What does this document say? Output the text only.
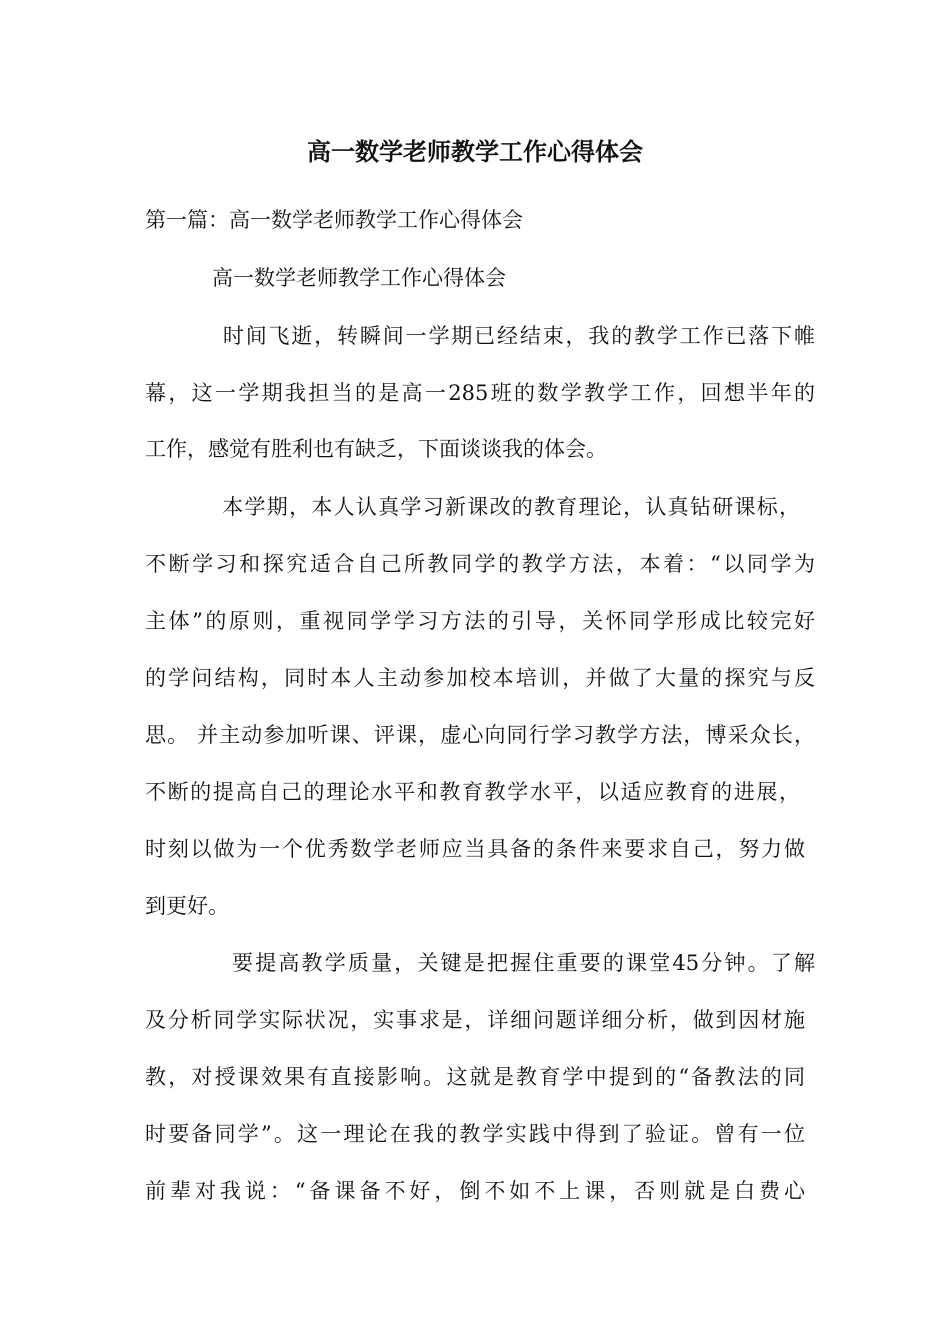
高一数学老师教学工作心得体会
第一篇：高一数学老师教学工作心得体会
高一数学老师教学工作心得体会
　时间飞逝，转瞬间一学期已经结束，我的教学工作已落下帷
幕，这一学期我担当的是高一285班的数学教学工作，回想半年的
工作，感觉有胜利也有缺乏，下面谈谈我的体会。
　本学期，本人认真学习新课改的教育理论，认真钻研课标，
不断学习和探究适合自己所教同学的教学方法，本着：“以同学为
主体”的原则，重视同学学习方法的引导，关怀同学形成比较完好
的学问结构，同时本人主动参加校本培训，并做了大量的探究与反
思。 并主动参加听课、评课，虚心向同行学习教学方法，博采众长，
不断的提高自己的理论水平和教育教学水平，以适应教育的进展，
时刻以做为一个优秀数学老师应当具备的条件来要求自己，努力做
到更好。
　 要提高教学质量，关键是把握住重要的课堂45分钟。了解
及分析同学实际状况，实事求是，详细问题详细分析，做到因材施
教，对授课效果有直接影响。这就是教育学中提到的“备教法的同
时要备同学”。这一理论在我的教学实践中得到了验证。曾有一位
前辈对我说：“备课备不好，倒不如不上课，否则就是白费心
